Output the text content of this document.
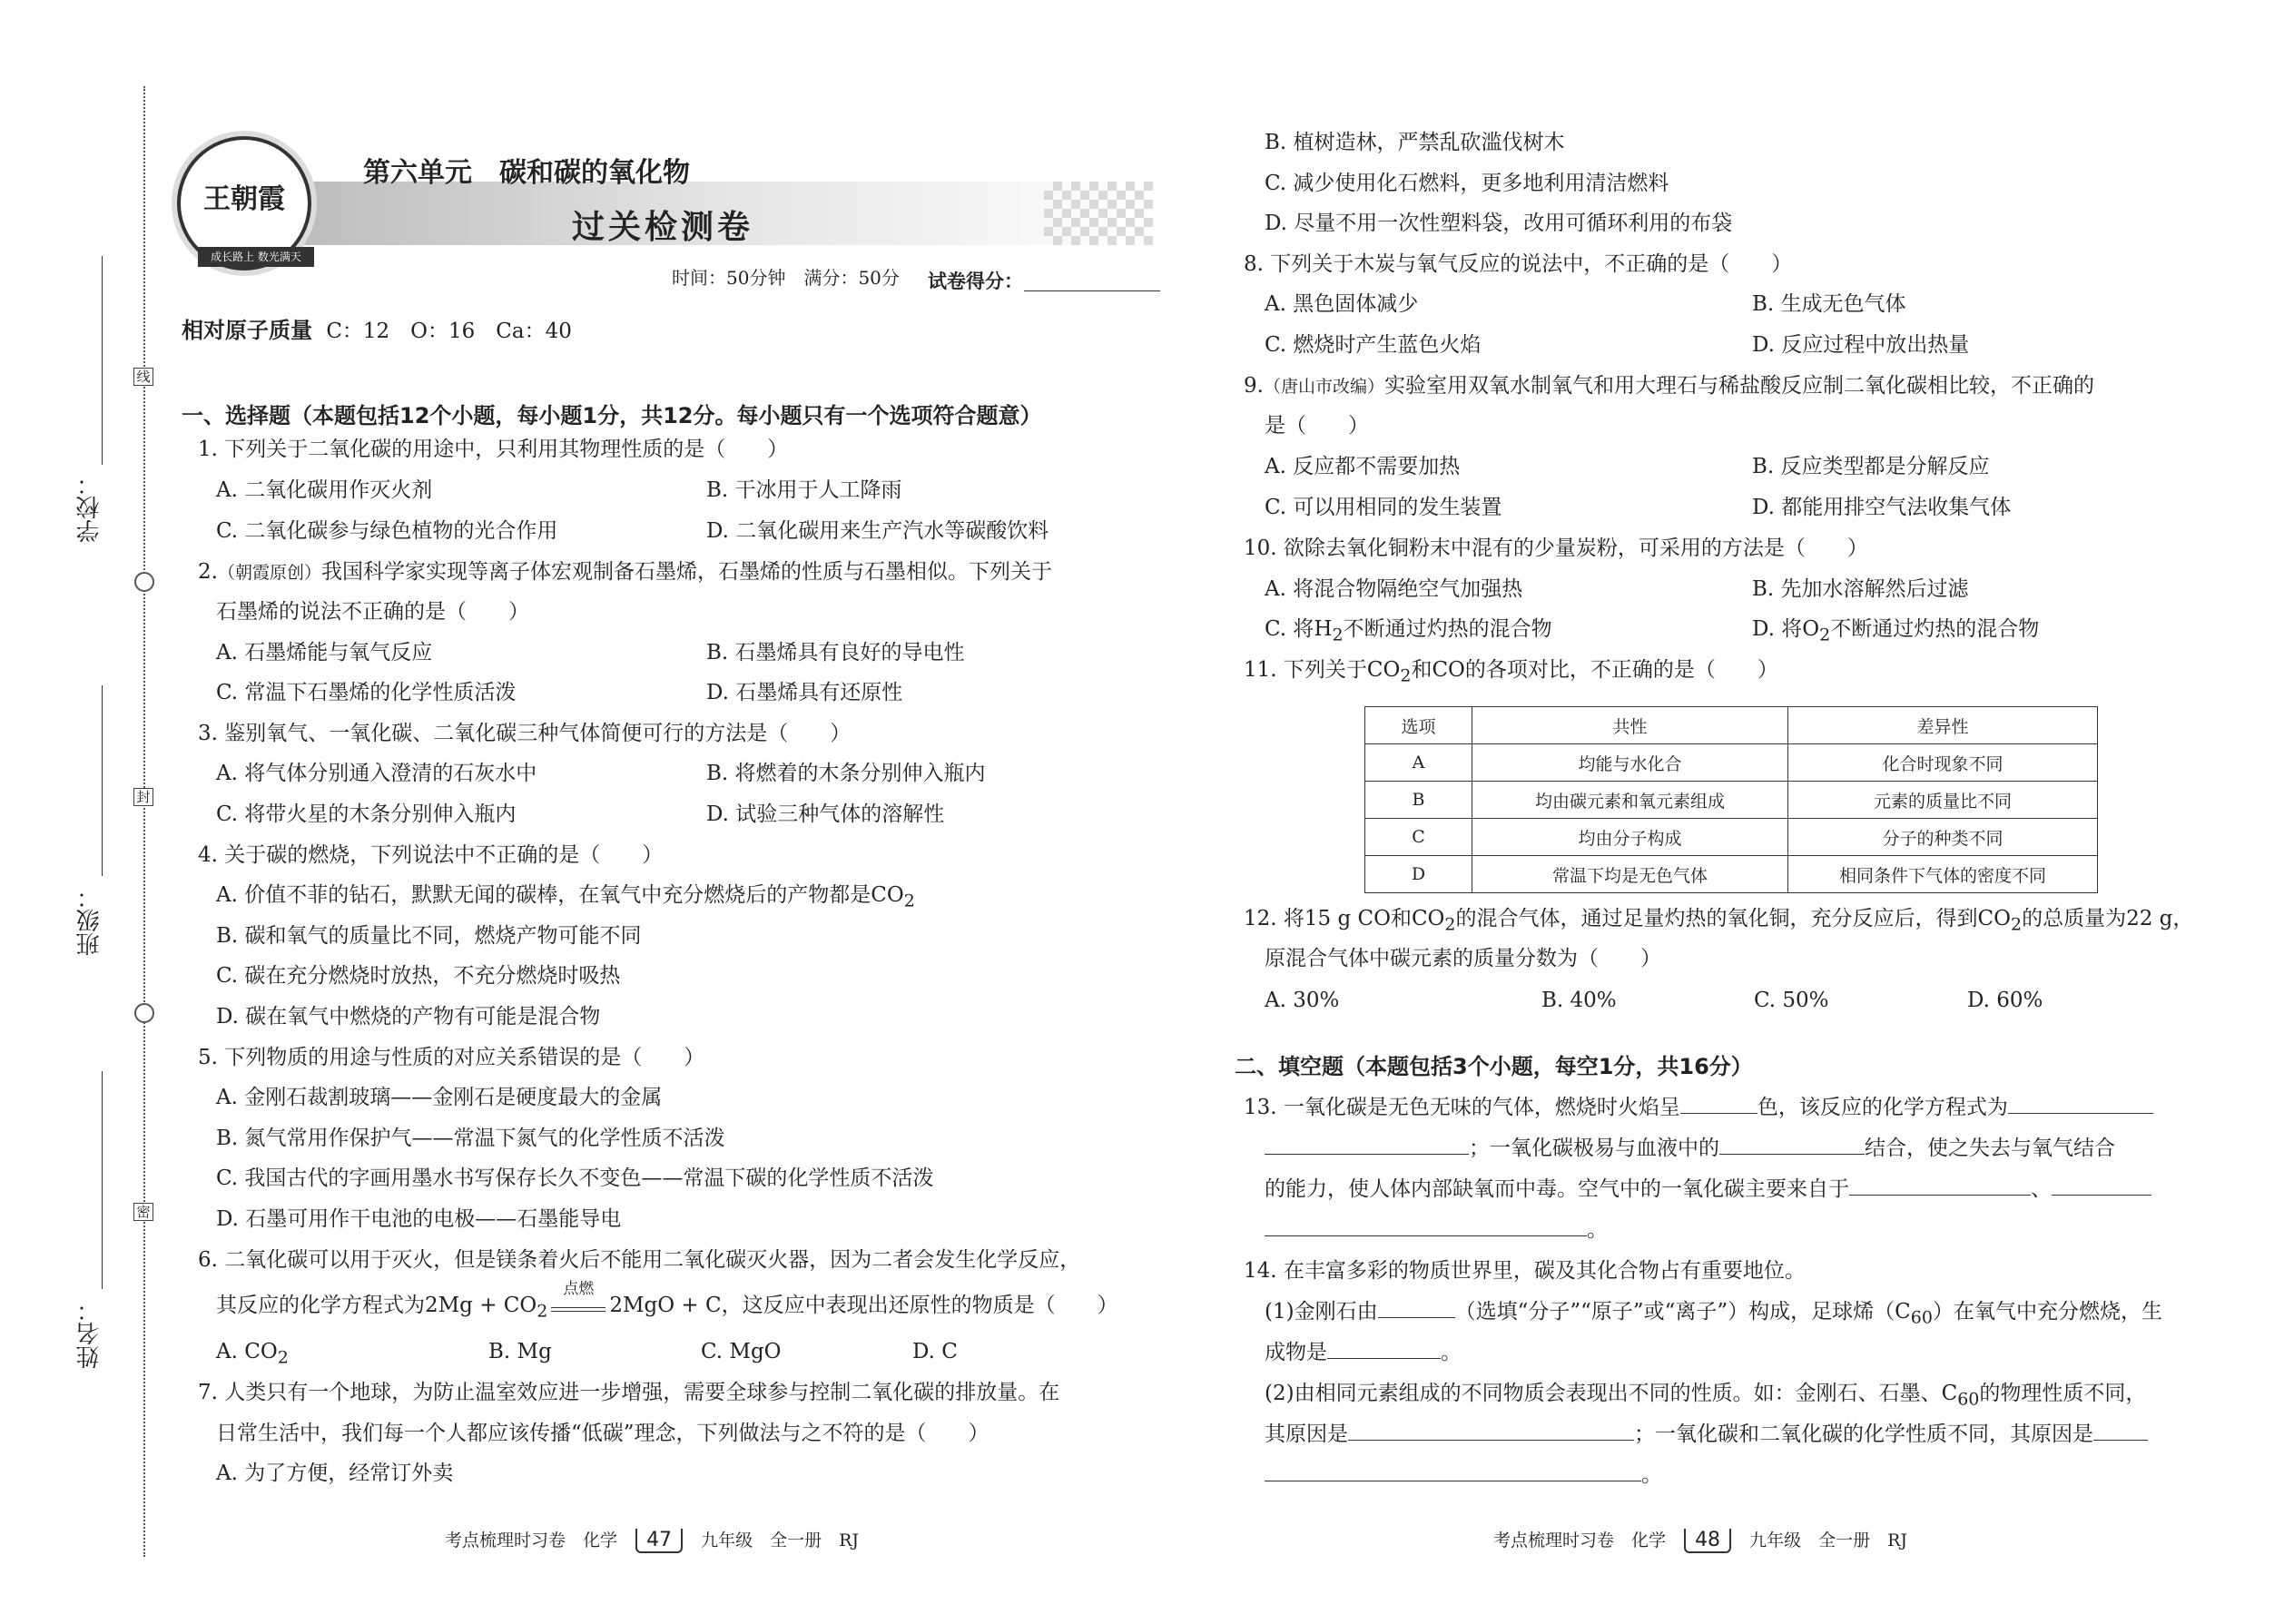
学校：
班级：
姓名：
线
封
密
王朝霞
成长路上 数光满天
第六单元　碳和碳的氧化物
过关检测卷
时间：50分钟　满分：50分 试卷得分：
相对原子质量 C：12　O：16　Ca：40
一、选择题（本题包括12个小题，每小题1分，共12分。每小题只有一个选项符合题意）
1. 下列关于二氧化碳的用途中，只利用其物理性质的是（　　）
A. 二氧化碳用作灭火剂	B. 干冰用于人工降雨
C. 二氧化碳参与绿色植物的光合作用	D. 二氧化碳用来生产汽水等碳酸饮料
2.（朝霞原创）我国科学家实现等离子体宏观制备石墨烯，石墨烯的性质与石墨相似。下列关于
石墨烯的说法不正确的是（　　）
A. 石墨烯能与氧气反应	B. 石墨烯具有良好的导电性
C. 常温下石墨烯的化学性质活泼	D. 石墨烯具有还原性
3. 鉴别氧气、一氧化碳、二氧化碳三种气体简便可行的方法是（　　）
A. 将气体分别通入澄清的石灰水中	B. 将燃着的木条分别伸入瓶内
C. 将带火星的木条分别伸入瓶内	D. 试验三种气体的溶解性
4. 关于碳的燃烧，下列说法中不正确的是（　　）
A. 价值不菲的钻石，默默无闻的碳棒，在氧气中充分燃烧后的产物都是$CO_2$
B. 碳和氧气的质量比不同，燃烧产物可能不同
C. 碳在充分燃烧时放热，不充分燃烧时吸热
D. 碳在氧气中燃烧的产物有可能是混合物
5. 下列物质的用途与性质的对应关系错误的是（　　）
A. 金刚石裁割玻璃——金刚石是硬度最大的金属
B. 氮气常用作保护气——常温下氮气的化学性质不活泼
C. 我国古代的字画用墨水书写保存长久不变色——常温下碳的化学性质不活泼
D. 石墨可用作干电池的电极——石墨能导电
6. 二氧化碳可以用于灭火，但是镁条着火后不能用二氧化碳灭火器，因为二者会发生化学反应，
其反应的化学方程式为$2Mg + CO_2$
点燃
2MgO + C，这反应中表现出还原性的物质是（　　）
A. $CO_2$	B. Mg	C. MgO	D. C
7. 人类只有一个地球，为防止温室效应进一步增强，需要全球参与控制二氧化碳的排放量。在
日常生活中，我们每一个人都应该传播“低碳”理念，下列做法与之不符的是（　　）
A. 为了方便，经常订外卖
考点梳理时习卷　化学 47 九年级　全一册　RJ
B. 植树造林，严禁乱砍滥伐树木
C. 减少使用化石燃料，更多地利用清洁燃料
D. 尽量不用一次性塑料袋，改用可循环利用的布袋
8. 下列关于木炭与氧气反应的说法中，不正确的是（　　）
A. 黑色固体减少	B. 生成无色气体
C. 燃烧时产生蓝色火焰	D. 反应过程中放出热量
9.（唐山市改编）实验室用双氧水制氧气和用大理石与稀盐酸反应制二氧化碳相比较，不正确的
是（　　）
A. 反应都不需要加热	B. 反应类型都是分解反应
C. 可以用相同的发生装置	D. 都能用排空气法收集气体
10. 欲除去氧化铜粉末中混有的少量炭粉，可采用的方法是（　　）
A. 将混合物隔绝空气加强热	B. 先加水溶解然后过滤
C. 将$H_2$不断通过灼热的混合物	D. 将$O_2$不断通过灼热的混合物
11. 下列关于$CO_2$和CO的各项对比，不正确的是（　　）
选项	共性	差异性
A	均能与水化合	化合时现象不同
B	均由碳元素和氧元素组成	元素的质量比不同
C	均由分子构成	分子的种类不同
D	常温下均是无色气体	相同条件下气体的密度不同
12. 将15 g CO和$CO_2$的混合气体，通过足量灼热的氧化铜，充分反应后，得到$CO_2$的总质量为22 g，
原混合气体中碳元素的质量分数为（　　）
A. 30%	B. 40%	C. 50%	D. 60%
二、填空题（本题包括3个小题，每空1分，共16分）
13. 一氧化碳是无色无味的气体，燃烧时火焰呈	色，该反应的化学方程式为
；一氧化碳极易与血液中的	结合，使之失去与氧气结合
的能力，使人体内部缺氧而中毒。空气中的一氧化碳主要来自于	、
。
14. 在丰富多彩的物质世界里，碳及其化合物占有重要地位。
(1)金刚石由	（选填“分子”“原子”或“离子”）构成，足球烯$(C_{60})$在氧气中充分燃烧，生
成物是	。
(2)由相同元素组成的不同物质会表现出不同的性质。如：金刚石、石墨、$C_{60}$的物理性质不同，
其原因是	；一氧化碳和二氧化碳的化学性质不同，其原因是
。
考点梳理时习卷　化学 48 九年级　全一册　RJ
